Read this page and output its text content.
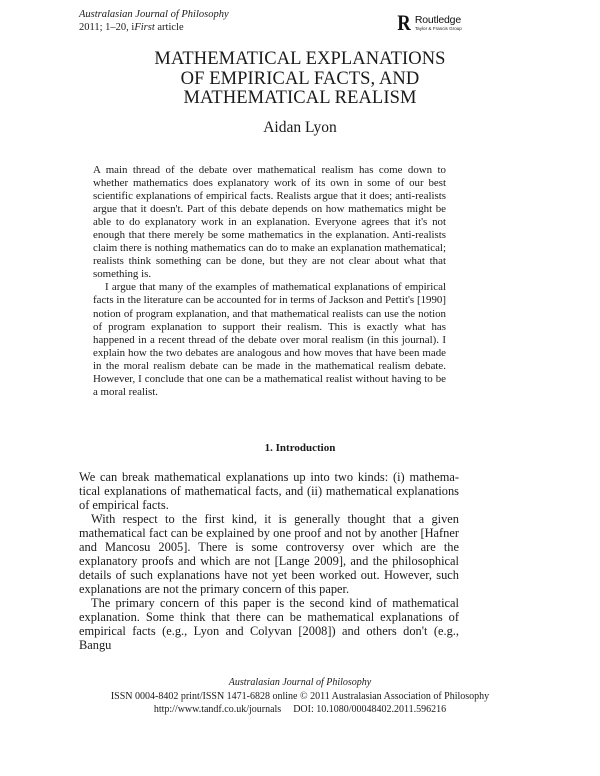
Australasian Journal of Philosophy
2011; 1–20, iFirst article	R Routledge
Taylor & Francis Group
MATHEMATICAL EXPLANATIONS
OF EMPIRICAL FACTS, AND
MATHEMATICAL REALISM
Aidan Lyon

A main thread of the debate over mathematical realism has come down to whether mathematics does explanatory work of its own in some of our best scientific explanations of empirical facts. Realists argue that it does; anti-realists argue that it doesn't. Part of this debate depends on how mathematics might be able to do explanatory work in an explanation. Everyone agrees that it's not enough that there merely be some mathematics in the explanation. Anti-realists claim there is nothing mathematics can do to make an explanation mathematical; realists think something can be done, but they are not clear about what that something is.

I argue that many of the examples of mathematical explanations of empirical facts in the literature can be accounted for in terms of Jackson and Pettit's [1990] notion of program explanation, and that mathematical realists can use the notion of program explanation to support their realism. This is exactly what has happened in a recent thread of the debate over moral realism (in this journal). I explain how the two debates are analogous and how moves that have been made in the moral realism debate can be made in the mathematical realism debate. However, I conclude that one can be a mathematical realist without having to be a moral realist.

1. Introduction

We can break mathematical explanations up into two kinds: (i) mathematical explanations of mathematical facts, and (ii) mathematical explanations of empirical facts.

With respect to the first kind, it is generally thought that a given mathematical fact can be explained by one proof and not by another [Hafner and Mancosu 2005]. There is some controversy over which are the explanatory proofs and which are not [Lange 2009], and the philosophical details of such explanations have not yet been worked out. However, such explanations are not the primary concern of this paper.

The primary concern of this paper is the second kind of mathematical explanation. Some think that there can be mathematical explanations of empirical facts (e.g., Lyon and Colyvan [2008]) and others don't (e.g., Bangu

Australasian Journal of Philosophy
ISSN 0004-8402 print/ISSN 1471-6828 online © 2011 Australasian Association of Philosophy
http://www.tandf.co.uk/journals DOI: 10.1080/00048402.2011.596216
